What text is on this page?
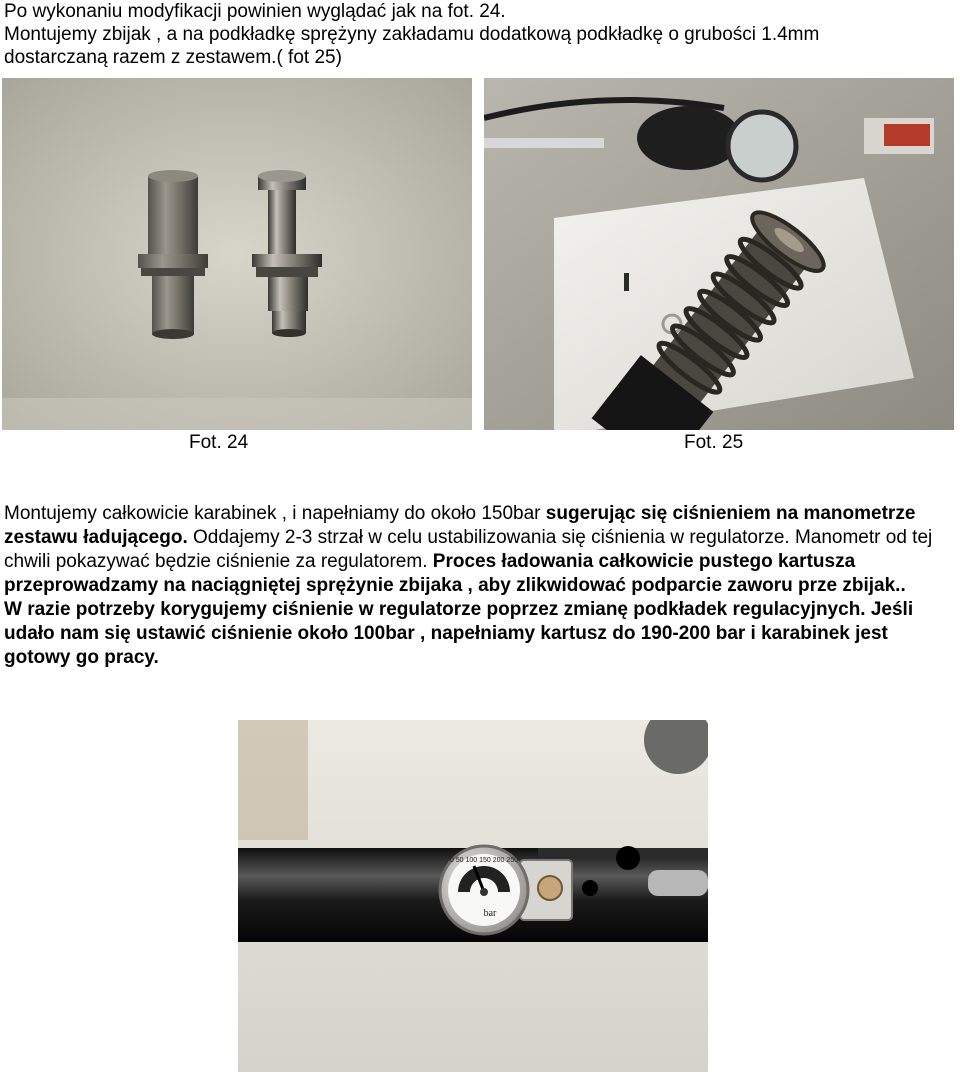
Po wykonaniu modyfikacji powinien wyglądać jak na fot. 24.

Montujemy zbijak , a na podkładkę sprężyny zakładamu dodatkową podkładkę o grubości 1.4mm

dostarczaną razem z zestawem.( fot 25)

Fot. 24	Fot. 25

Montujemy całkowicie karabinek , i napełniamy do około 150bar sugerując się ciśnieniem na manometrze zestawu ładującego. Oddajemy 2-3 strzał w celu ustabilizowania się ciśnienia w regulatorze. Manometr od tej chwili pokazywać będzie ciśnienie za regulatorem. Proces ładowania całkowicie pustego kartusza przeprowadzamy na naciągniętej sprężynie zbijaka , aby zlikwidować podparcie zaworu prze zbijak..

W razie potrzeby korygujemy ciśnienie w regulatorze poprzez zmianę podkładek regulacyjnych. Jeśli udało nam się ustawić ciśnienie około 100bar , napełniamy kartusz do 190-200 bar i karabinek jest gotowy go pracy.

0 50 100 150 200 250
bar
